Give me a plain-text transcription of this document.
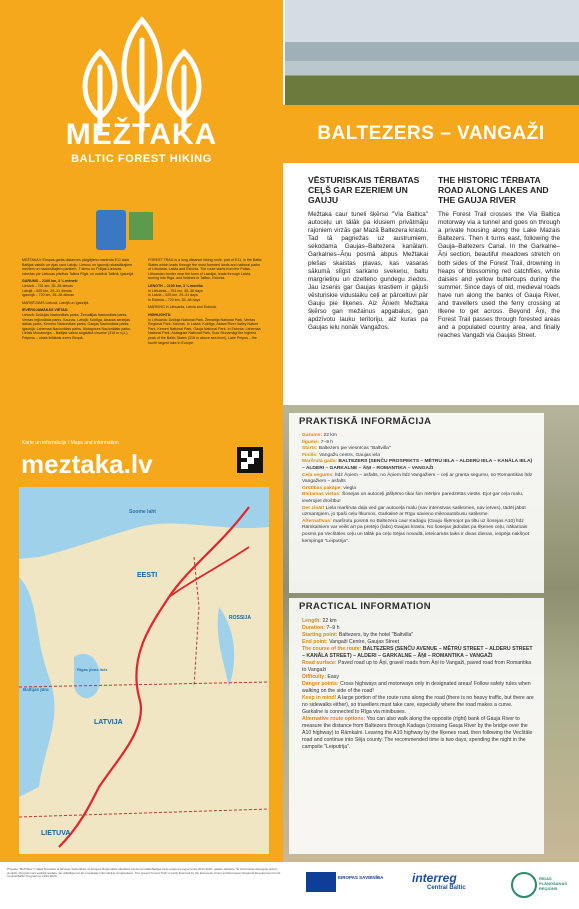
MEŽTAKA
BALTIC FOREST HIKING
MEŽTAKA ir Eiropas garās distances pārgājienu maršruta E11 daļa Baltijas valstīs un vijas caur Latviju, Lietuvu un Igauniju skaistākajiem mežiem un nacionālajiem parkiem, 7 dienu no Polijas-Lietuvas robežas pie Lietuvas pilsētas Tallina Rīgā, un noslēdz Tallinā, Igaunijā.
GARUMS – 2100 km, 3 ¼ mēneši
Lietuvā – 751 km, 35–38 dienas
Latvijā – 625 km, 29–31 dienas
Igaunijā – 720 km, 35–38 dienas
MARĶĒJUMS Lietuvā, Latvijā un Igaunijā.
IEVĒROJAMĀKĀS VIETAS:
Lietuvā: Dzūkijas Nacionālais parks, Žemaitijas Nacionālais parks, Ventas reģionālais parks, Kaunas. Latvijā: Kuldīga, Abavas senlejas dabas parks, Ķemeru Nacionālais parks, Gaujas Nacionālais parks. Igaunijā: Lahemaa Nacionālais parks, Alutaguses Nacionālais parks, Lielais Munamegis – Baltijas valstu augstākā virsotne (318 m v.j.l.), Peipuss – otrais lielākais ezers Eiropā.
FOREST TRAIL is a long distance hiking route, part of E11, in the Baltic States which leads through the most forested lands and national parks of Lithuania, Latvia and Estonia. The route starts from the Polish-Lithuanian border near the town of Lazdijai, leads through Latvia, turning into Riga, and finishes in Tallinn, Estonia.
LENGTH – 2100 km, 3 ¼ months
in Lithuania – 751 km, 35–38 days
in Latvia – 625 km, 29–31 days
in Estonia – 720 km, 35–38 days
MARKING in Lithuania, Latvia and Estonia.
HIGHLIGHTS:
In Lithuania: Dzūkija National Park, Žemaitija National Park, Ventas Regional Park, Kaunas. In Latvia: Kuldīga, Abava River Valley Nature Park, Kemeri National Park, Gauja National Park. In Estonia: Lahemaa National Park, Alutaguse National Park, Suur Munamägi the highest peak of the Baltic States (318 m above sea level), Lake Peipus – the fourth largest lake in Europe.
Karte un informācija / Maps and information
meztaka.lv
Soome laht
EESTI
ROSSIJA
LATVIJA
LIETUVA
Rīgas jūras līcis
Baltijas jūra
BALTEZERS – VANGAŽI
VĒSTURISKAIS TĒRBATAS CEĻŠ GAR EZERIEM UN GAUJU
Mežtaka caur tuneli šķērso "Via Baltica" autoceļu un tālāk pa klusiem privātmāju rajoniem virzās gar Mazā Baltezera krastu. Tad tā pagriežas uz austrumiem, sekodama Gaujas–Baltezera kanālam. Garkalnes–Āņu posmā abpus Mežtakai plešas skaistas pļavas, kas vasaras sākumā slīgst sarkano svekeņu, baltu margrietiņu un dzelteno gundegu ziedos. Jau izsenis gar Gaujas krastiem ir gājuši vēsturiskie viduslaiku ceļi ar pārceltuvi pār Gauju pie Ilķenes. Aiz Āņiem Mežtaka šķērso gan mežainus apgabalus, gan apdzīvotu lauku teritoriju, aiz kuras pa Gaujas ielu nonāk Vangažos.
THE HISTORIC TĒRBATA ROAD ALONG LAKES AND THE GAUJA RIVER
The Forest Trail crosses the Via Baltica motorway via a tunnel and goes on through a private housing along the Lake Mazais Baltezers. Then it turns east, following the Gauja–Baltezers Canal. In the Garkalne–Āņi section, beautiful meadows stretch on both sides of the Forest Trail, drowning in heaps of blossoming red catchflies, white daisies and yellow buttercups during the summer. Since days of old, medieval roads have run along the banks of Gauja River, and travellers used the ferry crossing at Ilķene to get across. Beyond Āņi, the Forest Trail passes through forested areas and a populated country area, and finally reaches Vangaži via Gaujas Street.
PRAKTISKĀ INFORMĀCIJA
Garums: 22 km
Ilgums: 7–9 h
Starts: Baltezers pie viesnīcas "Baltvilla"
Finišs: Vangažu centrs, Gaujas iela
Maršruta gaita: BALTEZERS (SENČU PROSPEKTS – MĒTRU IELA – ALDERU IELA – KANĀLA IELA) – ALDERI – GARKALNE – ĀŅI – ROMANTIKA – VANGAŽI
Ceļa segums: līdz Āņiem – asfalts, no Āņiem līdz Vangažiem – ceļi ar granta segumu, no Romantikas līdz Vangažiem – asfalts
Grūtības pakāpe: viegla
Bīstamas vietas: Šosejas un autoceļi jāšķērso tikai šim mērķim paredzētās vietās. Ejot gar ceļa malu, ievērojiet drošību!
Der zināt! Liela maršruta daļa ved gar autoceļa malu (nav intensīvas satiksmes, nav ietves), tādēļ jābūt uzmanīgiem, jo īpaši ceļu līkumos. Garkalnē ar Rīgu savieno mikroautobusu satiksme.
Alternatīvas: maršrutu posmā no Baltezera caur Kadagu (Gauju šķērsojot pa tiltu uz šosejas A10) līdz Rāmkalniem var veikt arī pa pretējo (labo) Gaujas krastu. No šosejas jādodas pa Ilķenes ceļu, nākamais posms pa Vecštāles ceļu un tālāk pa ceļu Sējas novadā, ieteicamās laiks ir divas dienas, iespēja nakšņot kempingā "Leiputrija".
PRACTICAL INFORMATION
Length: 22 km
Duration: 7–9 h
Starting point: Baltezers, by the hotel "Baltvilla"
End point: Vangaži Centre, Gaujas Street
The course of the route: BALTEZERS (SENČU AVENUE – MĒTRU STREET – ALDERU STREET – KANĀLA STREET) – ALDERI – GARKALNE – ĀŅI – ROMANTIKA – VANGAŽI
Road surface: Paved road up to Āņi, gravel roads from Āņi to Vangaži, paved road from Romantika to Vangaži
Difficulty: Easy
Danger points: Cross highways and motorways only in designated areas! Follow safety rules when walking on the side of the road!
Keep in mind! A large portion of the route runs along the road (there is no heavy traffic, but there are no sidewalks either), so travellers must take care, especially where the road makes a curve. Garkalne is connected to Rīga via minibuses.
Alternative route options: You can also walk along the opposite (right) bank of Gauja River to measure the distance from Baltezers through Kadaga (crossing Gauja River by the bridge over the A10 highway) to Rāmkalni. Leaving the A10 highway by the Ilķenes road, then following the Vecštāle road and continue into Sēja county. The recommended time is two days, spending the night in the campsite "Leiputrija".
Projekts "MežTaka" ir daļēji finansēts ar Eiropas Savienības un Eiropas Reģionālās attīstības fonda Centrālā Baltijas jūras reģiona programmas 2014-2020. gadam atbalstu. Šī informācija atspoguļo autoru viedokli. Programmas vadošā iestāde nav atbildīga par šīs inovācijas informācijas izmantošanu. The project 'Forest Trail' is partly financed by the European Union and European Regional Development Fund Central Baltic Programme 2014-2020.	EIROPAS SAVIENĪBA interreg
Central Baltic
RĪGAS PLĀNOŠANAS REĢIONS
